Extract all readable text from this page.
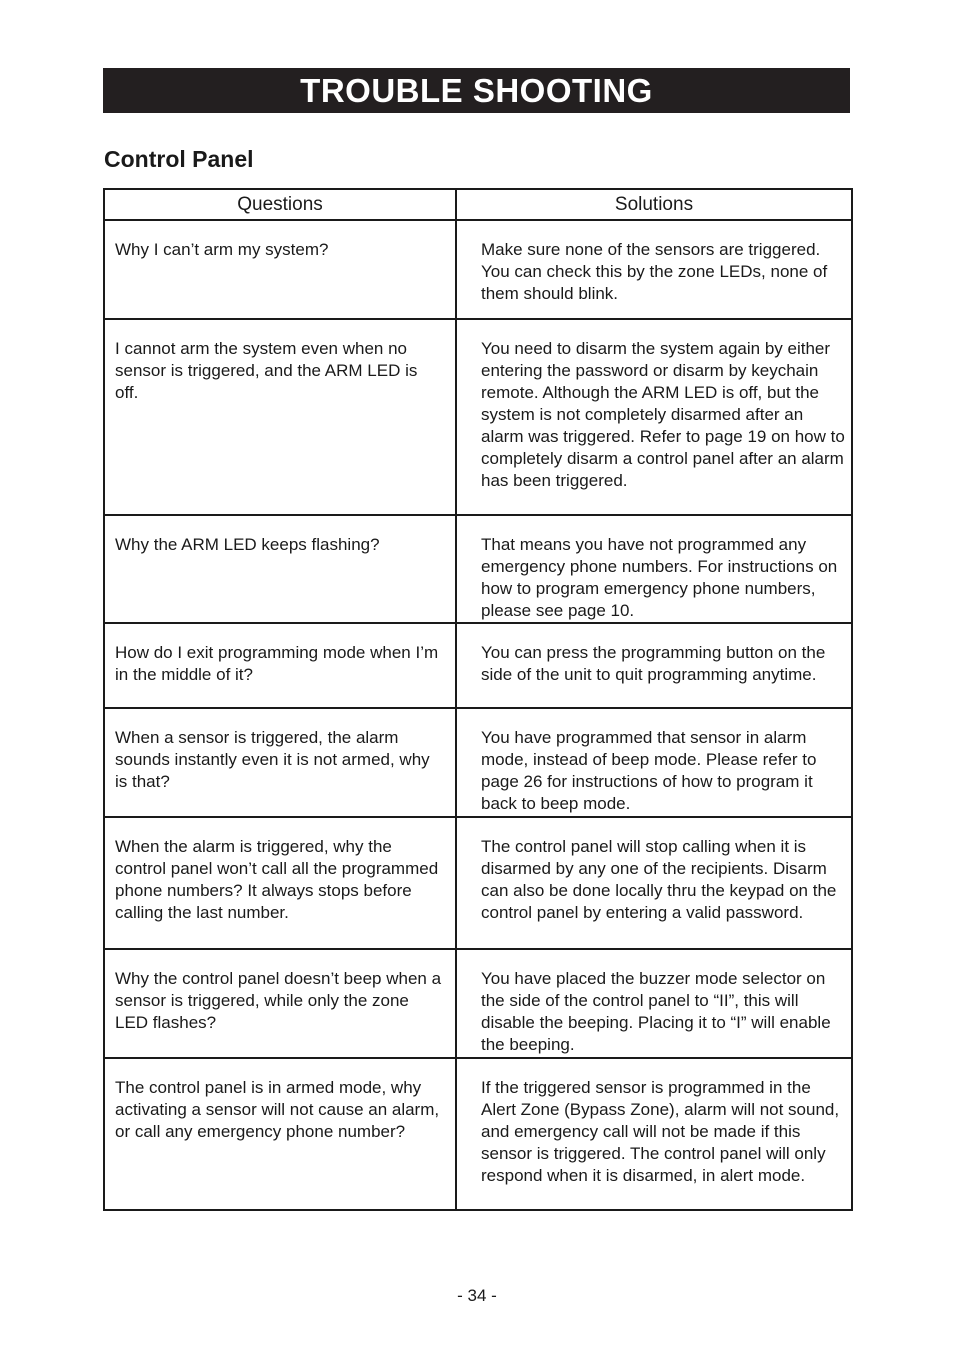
TROUBLE SHOOTING
Control Panel
Questions	Solutions
Why I can’t arm my system?	Make sure none of the sensors are triggered. You can check this by the zone LEDs, none of them should blink.
I cannot arm the system even when no sensor is triggered, and the ARM LED is off.	You need to disarm the system again by either entering the password or disarm by keychain remote. Although the ARM LED is off, but the system is not completely disarmed after an alarm was triggered. Refer to page 19 on how to completely disarm a control panel after an alarm has been triggered.
Why the ARM LED keeps flashing?	That means you have not programmed any emergency phone numbers. For instructions on how to program emergency phone numbers, please see page 10.
How do I exit programming mode when I’m in the middle of it?	You can press the programming button on the side of the unit to quit programming anytime.
When a sensor is triggered, the alarm sounds instantly even it is not armed, why is that?	You have programmed that sensor in alarm mode, instead of beep mode. Please refer to page 26 for instructions of how to program it back to beep mode.
When the alarm is triggered, why the control panel won’t call all the programmed phone numbers? It always stops before calling the last number.	The control panel will stop calling when it is disarmed by any one of the recipients. Disarm can also be done locally thru the keypad on the control panel by entering a valid password.
Why the control panel doesn’t beep when a sensor is triggered, while only the zone LED flashes?	You have placed the buzzer mode selector on the side of the control panel to “II”, this will disable the beeping. Placing it to “I” will enable the beeping.
The control panel is in armed mode, why activating a sensor will not cause an alarm, or call any emergency phone number?	If the triggered sensor is programmed in the Alert Zone (Bypass Zone), alarm will not sound, and emergency call will not be made if this sensor is triggered. The control panel will only respond when it is disarmed, in alert mode.
- 34 -
